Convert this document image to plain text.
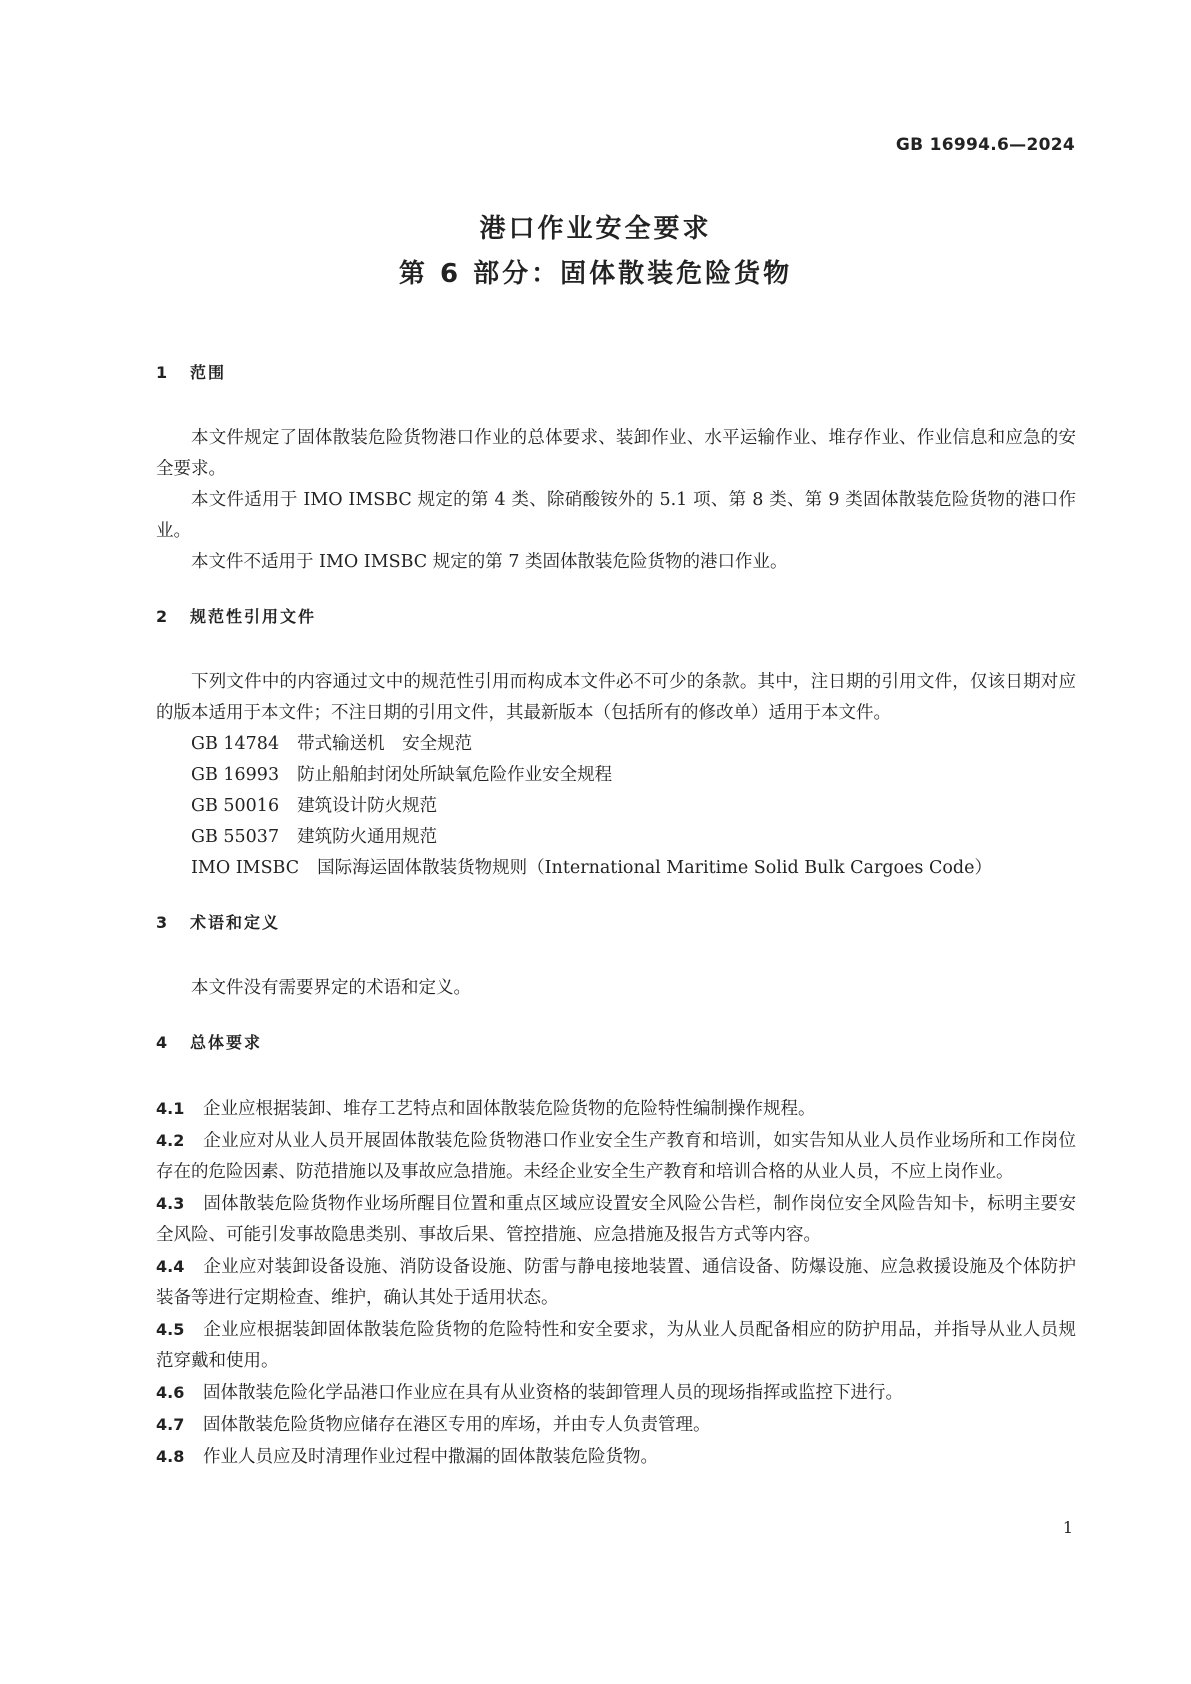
GB 16994.6—2024
港口作业安全要求
第 6 部分：固体散装危险货物
1 范围
本文件规定了固体散装危险货物港口作业的总体要求、装卸作业、水平运输作业、堆存作业、作业信息和应急的安全要求。
本文件适用于 IMO IMSBC 规定的第 4 类、除硝酸铵外的 5.1 项、第 8 类、第 9 类固体散装危险货物的港口作业。
本文件不适用于 IMO IMSBC 规定的第 7 类固体散装危险货物的港口作业。
2 规范性引用文件
下列文件中的内容通过文中的规范性引用而构成本文件必不可少的条款。其中，注日期的引用文件，仅该日期对应的版本适用于本文件；不注日期的引用文件，其最新版本（包括所有的修改单）适用于本文件。
GB 14784 带式输送机　安全规范
GB 16993 防止船舶封闭处所缺氧危险作业安全规程
GB 50016 建筑设计防火规范
GB 55037 建筑防火通用规范
IMO IMSBC 国际海运固体散装货物规则（International Maritime Solid Bulk Cargoes Code）
3 术语和定义
本文件没有需要界定的术语和定义。
4 总体要求
4.1 企业应根据装卸、堆存工艺特点和固体散装危险货物的危险特性编制操作规程。
4.2 企业应对从业人员开展固体散装危险货物港口作业安全生产教育和培训，如实告知从业人员作业场所和工作岗位存在的危险因素、防范措施以及事故应急措施。未经企业安全生产教育和培训合格的从业人员，不应上岗作业。
4.3 固体散装危险货物作业场所醒目位置和重点区域应设置安全风险公告栏，制作岗位安全风险告知卡，标明主要安全风险、可能引发事故隐患类别、事故后果、管控措施、应急措施及报告方式等内容。
4.4 企业应对装卸设备设施、消防设备设施、防雷与静电接地装置、通信设备、防爆设施、应急救援设施及个体防护装备等进行定期检查、维护，确认其处于适用状态。
4.5 企业应根据装卸固体散装危险货物的危险特性和安全要求，为从业人员配备相应的防护用品，并指导从业人员规范穿戴和使用。
4.6 固体散装危险化学品港口作业应在具有从业资格的装卸管理人员的现场指挥或监控下进行。
4.7 固体散装危险货物应储存在港区专用的库场，并由专人负责管理。
4.8 作业人员应及时清理作业过程中撒漏的固体散装危险货物。
1
